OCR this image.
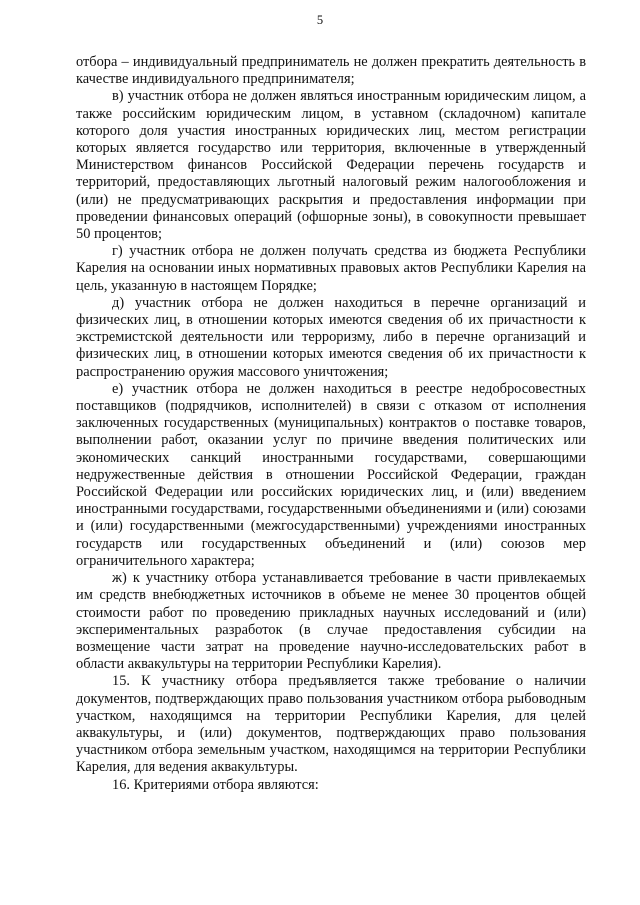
5

отбора – индивидуальный предприниматель не должен прекратить деятельность в качестве индивидуального предпринимателя;

в) участник отбора не должен являться иностранным юридическим лицом, а также российским юридическим лицом, в уставном (складочном) капитале которого доля участия иностранных юридических лиц, местом регистрации которых является государство или территория, включенные в утвержденный Министерством финансов Российской Федерации перечень государств и территорий, предоставляющих льготный налоговый режим налогообложения и (или) не предусматривающих раскрытия и предоставления информации при проведении финансовых операций (офшорные зоны), в совокупности превышает 50 процентов;

г) участник отбора не должен получать средства из бюджета Республики Карелия на основании иных нормативных правовых актов Республики Карелия на цель, указанную в настоящем Порядке;

д) участник отбора не должен находиться в перечне организаций и физических лиц, в отношении которых имеются сведения об их причастности к экстремистской деятельности или терроризму, либо в перечне организаций и физических лиц, в отношении которых имеются сведения об их причастности к распространению оружия массового уничтожения;

е) участник отбора не должен находиться в реестре недобросовестных поставщиков (подрядчиков, исполнителей) в связи с отказом от исполнения заключенных государственных (муниципальных) контрактов о поставке товаров, выполнении работ, оказании услуг по причине введения политических или экономических санкций иностранными государствами, совершающими недружественные действия в отношении Российской Федерации, граждан Российской Федерации или российских юридических лиц, и (или) введением иностранными государствами, государственными объединениями и (или) союзами и (или) государственными (межгосударственными) учреждениями иностранных государств или государственных объединений и (или) союзов мер ограничительного характера;

ж) к участнику отбора устанавливается требование в части привлекаемых им средств внебюджетных источников в объеме не менее 30 процентов общей стоимости работ по проведению прикладных научных исследований и (или) экспериментальных разработок (в случае предоставления субсидии на возмещение части затрат на проведение научно-исследовательских работ в области аквакультуры на территории Республики Карелия).

15. К участнику отбора предъявляется также требование о наличии документов, подтверждающих право пользования участником отбора рыбоводным участком, находящимся на территории Республики Карелия, для целей аквакультуры, и (или) документов, подтверждающих право пользования участником отбора земельным участком, находящимся на территории Республики Карелия, для ведения аквакультуры.

16. Критериями отбора являются:
